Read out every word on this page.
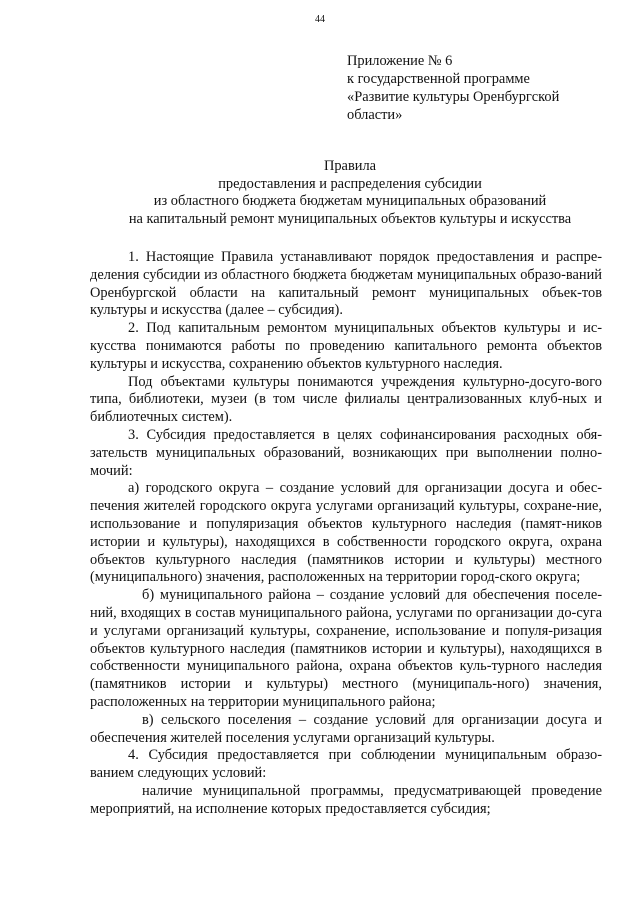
44
Приложение № 6
к государственной программе
«Развитие культуры Оренбургской
области»
Правила
предоставления и распределения субсидии
из областного бюджета бюджетам муниципальных образований
на капитальный ремонт муниципальных объектов культуры и искусства

1. Настоящие Правила устанавливают порядок предоставления и распре-деления субсидии из областного бюджета бюджетам муниципальных образо-ваний Оренбургской области на капитальный ремонт муниципальных объек-тов культуры и искусства (далее – субсидия).

2. Под капитальным ремонтом муниципальных объектов культуры и ис-кусства понимаются работы по проведению капитального ремонта объектов культуры и искусства, сохранению объектов культурного наследия.

Под объектами культуры понимаются учреждения культурно-досуго-вого типа, библиотеки, музеи (в том числе филиалы централизованных клуб-ных и библиотечных систем).

3. Субсидия предоставляется в целях софинансирования расходных обя-зательств муниципальных образований, возникающих при выполнении полно-мочий:

а) городского округа – создание условий для организации досуга и обес-печения жителей городского округа услугами организаций культуры, сохране-ние, использование и популяризация объектов культурного наследия (памят-ников истории и культуры), находящихся в собственности городского округа, охрана объектов культурного наследия (памятников истории и культуры) местного (муниципального) значения, расположенных на территории город-ского округа;

б) муниципального района – создание условий для обеспечения поселе-ний, входящих в состав муниципального района, услугами по организации до-суга и услугами организаций культуры, сохранение, использование и популя-ризация объектов культурного наследия (памятников истории и культуры), находящихся в собственности муниципального района, охрана объектов куль-турного наследия (памятников истории и культуры) местного (муниципаль-ного) значения, расположенных на территории муниципального района;

в) сельского поселения – создание условий для организации досуга и обеспечения жителей поселения услугами организаций культуры.

4. Субсидия предоставляется при соблюдении муниципальным образо-ванием следующих условий:

наличие муниципальной программы, предусматривающей проведение мероприятий, на исполнение которых предоставляется субсидия;
